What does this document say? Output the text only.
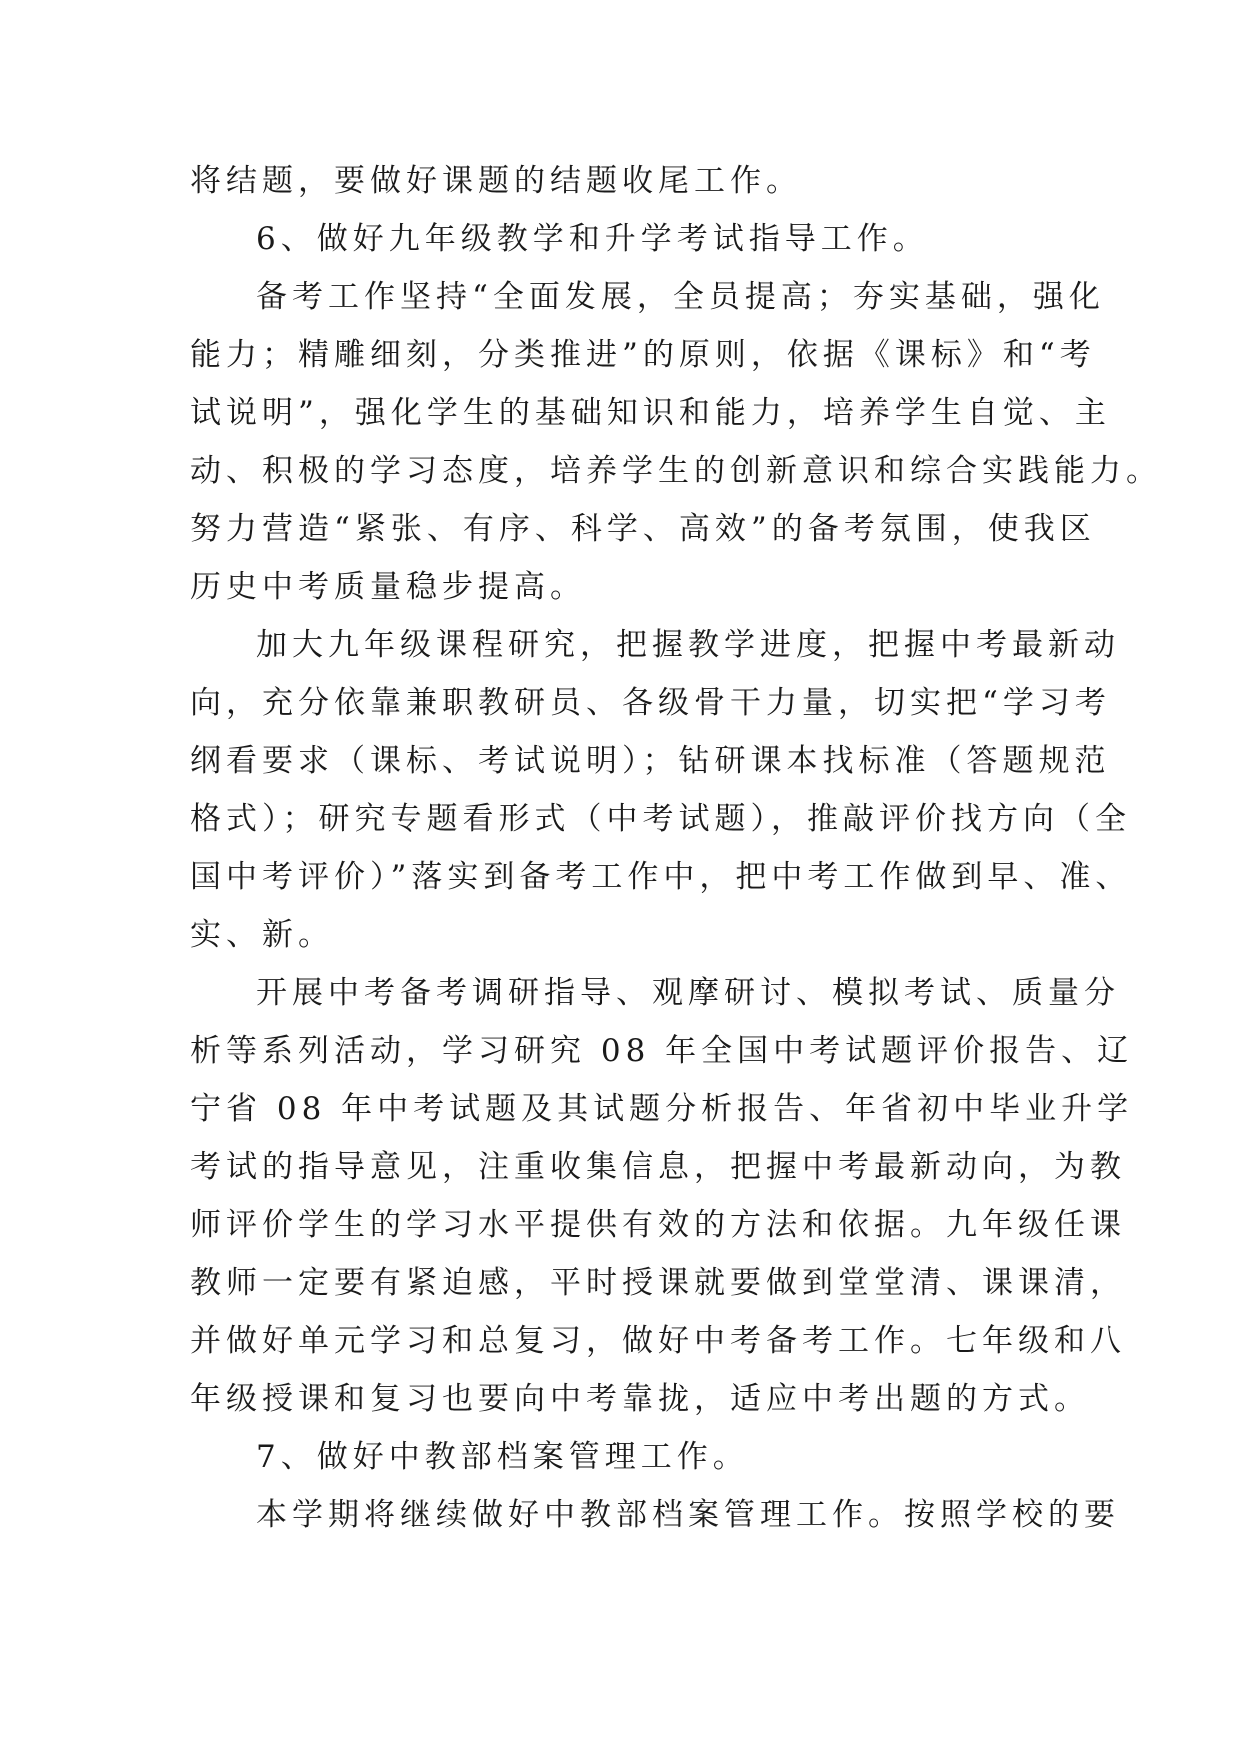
将结题，要做好课题的结题收尾工作。
6、做好九年级教学和升学考试指导工作。
备考工作坚持“全面发展，全员提高；夯实基础，强化
能力；精雕细刻，分类推进”的原则，依据《课标》和“考
试说明”，强化学生的基础知识和能力，培养学生自觉、主
动、积极的学习态度，培养学生的创新意识和综合实践能力。
努力营造“紧张、有序、科学、高效”的备考氛围，使我区
历史中考质量稳步提高。
加大九年级课程研究，把握教学进度，把握中考最新动
向，充分依靠兼职教研员、各级骨干力量，切实把“学习考
纲看要求（课标、考试说明）；钻研课本找标准（答题规范
格式）；研究专题看形式（中考试题），推敲评价找方向（全
国中考评价）”落实到备考工作中，把中考工作做到早、准、
实、新。
开展中考备考调研指导、观摩研讨、模拟考试、质量分
析等系列活动，学习研究 08 年全国中考试题评价报告、辽
宁省 08 年中考试题及其试题分析报告、年省初中毕业升学
考试的指导意见，注重收集信息，把握中考最新动向，为教
师评价学生的学习水平提供有效的方法和依据。九年级任课
教师一定要有紧迫感，平时授课就要做到堂堂清、课课清，
并做好单元学习和总复习，做好中考备考工作。七年级和八
年级授课和复习也要向中考靠拢，适应中考出题的方式。
7、做好中教部档案管理工作。
本学期将继续做好中教部档案管理工作。按照学校的要
